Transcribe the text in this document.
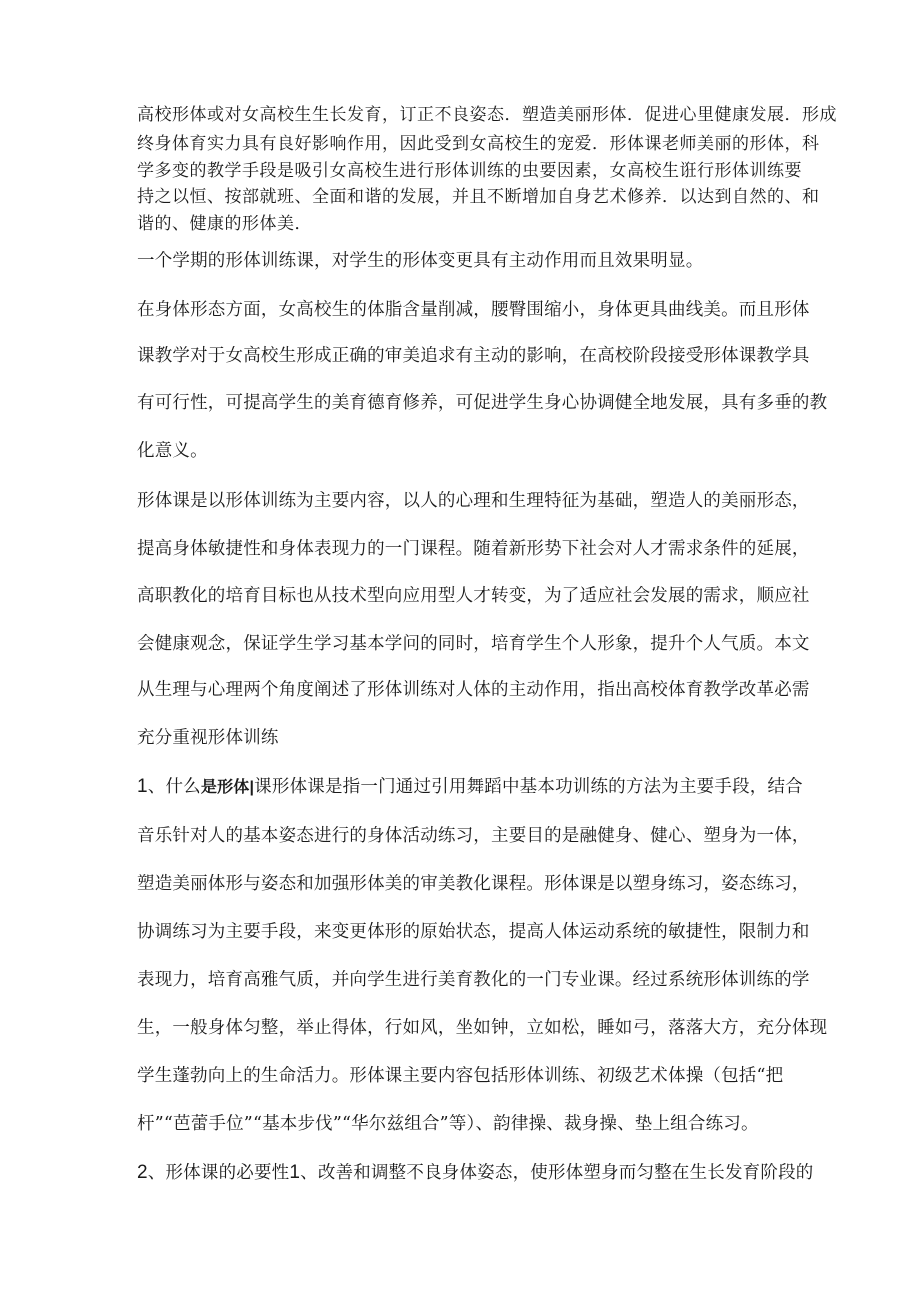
高校形体或对女高校生生长发育，订正不良姿态．塑造美丽形体．促进心里健康发展．形成
终身体育实力具有良好影响作用，因此受到女高校生的宠爱．形体课老师美丽的形体，科
学多变的教学手段是吸引女高校生进行形体训练的虫要因素，女高校生诳行形体训练要
持之以恒、按部就班、全面和谐的发展，并且不断增加自身艺术修养．以达到自然的、和
谐的、健康的形体美．
一个学期的形体训练课，对学生的形体变更具有主动作用而且效果明显。
在身体形态方面，女高校生的体脂含量削减，腰臀围缩小，身体更具曲线美。而且形体
课教学对于女高校生形成正确的审美追求有主动的影响，在高校阶段接受形体课教学具
有可行性，可提高学生的美育德育修养，可促进学生身心协调健全地发展，具有多垂的教
化意义。
形体课是以形体训练为主要内容，以人的心理和生理特征为基础，塑造人的美丽形态，
提高身体敏捷性和身体表现力的一门课程。随着新形势下社会对人才需求条件的延展，
高职教化的培育目标也从技术型向应用型人才转变，为了适应社会发展的需求，顺应社
会健康观念，保证学生学习基本学问的同时，培育学生个人形象，提升个人气质。本文
从生理与心理两个角度阐述了形体训练对人体的主动作用，指出高校体育教学改革必需
充分重视形体训练
1、什么是形体|课形体课是指一门通过引用舞蹈中基本功训练的方法为主要手段，结合
音乐针对人的基本姿态进行的身体活动练习，主要目的是融健身、健心、塑身为一体，
塑造美丽体形与姿态和加强形体美的审美教化课程。形体课是以塑身练习，姿态练习，
协调练习为主要手段，来变更体形的原始状态，提高人体运动系统的敏捷性，限制力和
表现力，培育高雅气质，并向学生进行美育教化的一门专业课。经过系统形体训练的学
生，一般身体匀整，举止得体，行如风，坐如钟，立如松，睡如弓，落落大方，充分体现
学生蓬勃向上的生命活力。形体课主要内容包括形体训练、初级艺术体操（包括“把
杆”“芭蕾手位”“基本步伐”“华尔兹组合”等）、韵律操、裁身操、垫上组合练习。
2、形体课的必要性1、改善和调整不良身体姿态，使形体塑身而匀整在生长发育阶段的
